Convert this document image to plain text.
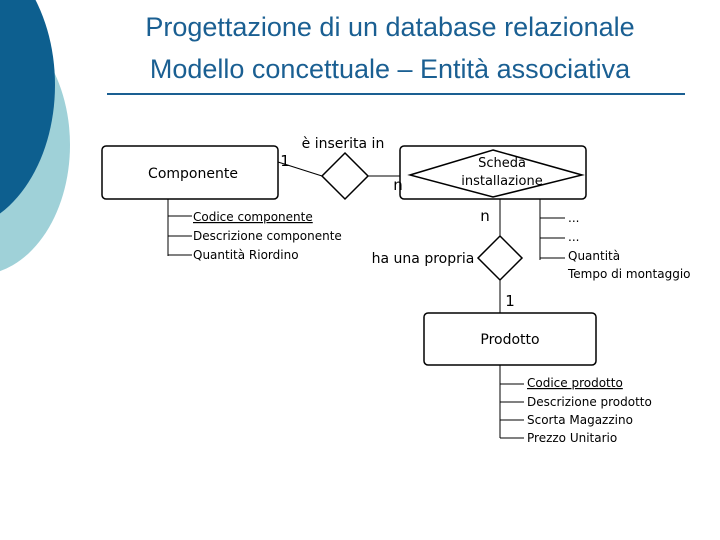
Progettazione di un database relazionale
Modello concettuale – Entità associativa
Componente
Scheda
installazione
Prodotto
è inserita in
ha una propria
1
n
n
1
Codice componente
Descrizione componente
Quantità Riordino
...
...
Quantità
Tempo di montaggio
Codice prodotto
Descrizione prodotto
Scorta Magazzino
Prezzo Unitario
